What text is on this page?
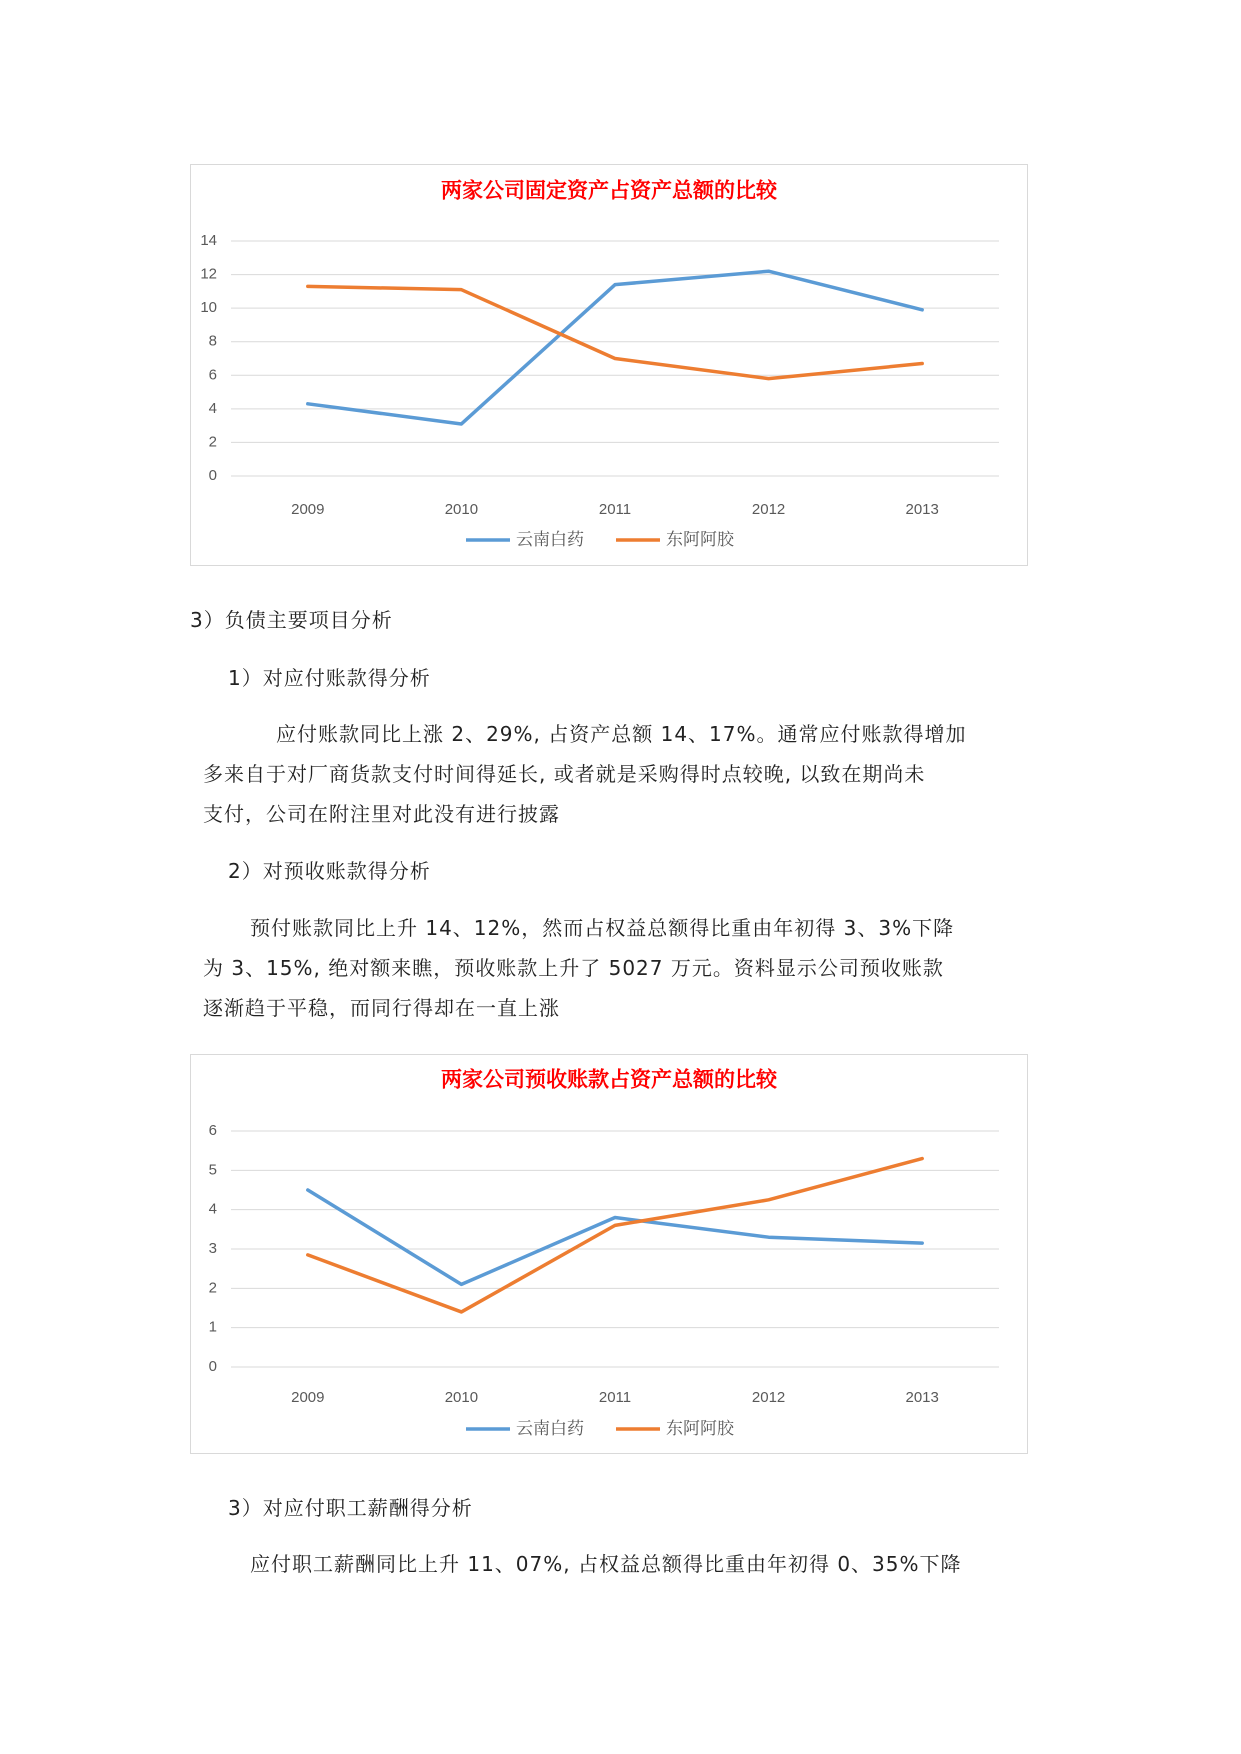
两家公司固定资产占资产总额的比较
0
2
4
6
8
10
12
14
2009	2010	2011	2012	2013
云南白药	东阿阿胶
3）负债主要项目分析
1）对应付账款得分析
应付账款同比上涨 2、29%, 占资产总额 14、17%。通常应付账款得增加
多来自于对厂商货款支付时间得延长, 或者就是采购得时点较晚, 以致在期尚未
支付，公司在附注里对此没有进行披露
2）对预收账款得分析
预付账款同比上升 14、12%，然而占权益总额得比重由年初得 3、3%下降
为 3、15%, 绝对额来瞧，预收账款上升了 5027 万元。资料显示公司预收账款
逐渐趋于平稳，而同行得却在一直上涨
两家公司预收账款占资产总额的比较
0
1
2
3
4
5
6
2009	2010	2011	2012	2013
云南白药	东阿阿胶
3）对应付职工薪酬得分析
应付职工薪酬同比上升 11、07%, 占权益总额得比重由年初得 0、35%下降
